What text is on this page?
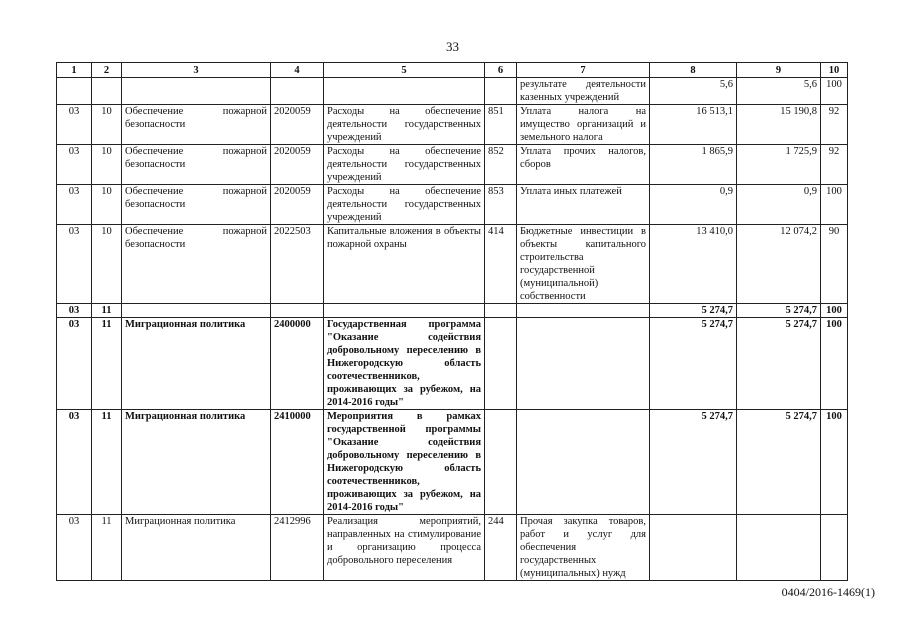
33
1	2	3	4	5	6	7	8	9	10
						результате деятельности казенных учреждений	5,6	5,6	100
03	10	Обеспечение пожарной безопасности	2020059	Расходы на обеспечение деятельности государственных учреждений	851	Уплата налога на имущество организаций и земельного налога	16 513,1	15 190,8	92
03	10	Обеспечение пожарной безопасности	2020059	Расходы на обеспечение деятельности государственных учреждений	852	Уплата прочих налогов, сборов	1 865,9	1 725,9	92
03	10	Обеспечение пожарной безопасности	2020059	Расходы на обеспечение деятельности государственных учреждений	853	Уплата иных платежей	0,9	0,9	100
03	10	Обеспечение пожарной безопасности	2022503	Капитальные вложения в объекты пожарной охраны	414	Бюджетные инвестиции в объекты капитального строительства государственной (муниципальной) собственности	13 410,0	12 074,2	90
03	11						5 274,7	5 274,7	100
03	11	Миграционная политика	2400000	Государственная программа "Оказание содействия добровольному переселению в Нижегородскую область соотечественников, проживающих за рубежом, на 2014-2016 годы"			5 274,7	5 274,7	100
03	11	Миграционная политика	2410000	Мероприятия в рамках государственной программы "Оказание содействия добровольному переселению в Нижегородскую область соотечественников, проживающих за рубежом, на 2014-2016 годы"			5 274,7	5 274,7	100
03	11	Миграционная политика	2412996	Реализация мероприятий, направленных на стимулирование и организацию процесса добровольного переселения	244	Прочая закупка товаров, работ и услуг для обеспечения государственных (муниципальных) нужд			
0404/2016-1469(1)
